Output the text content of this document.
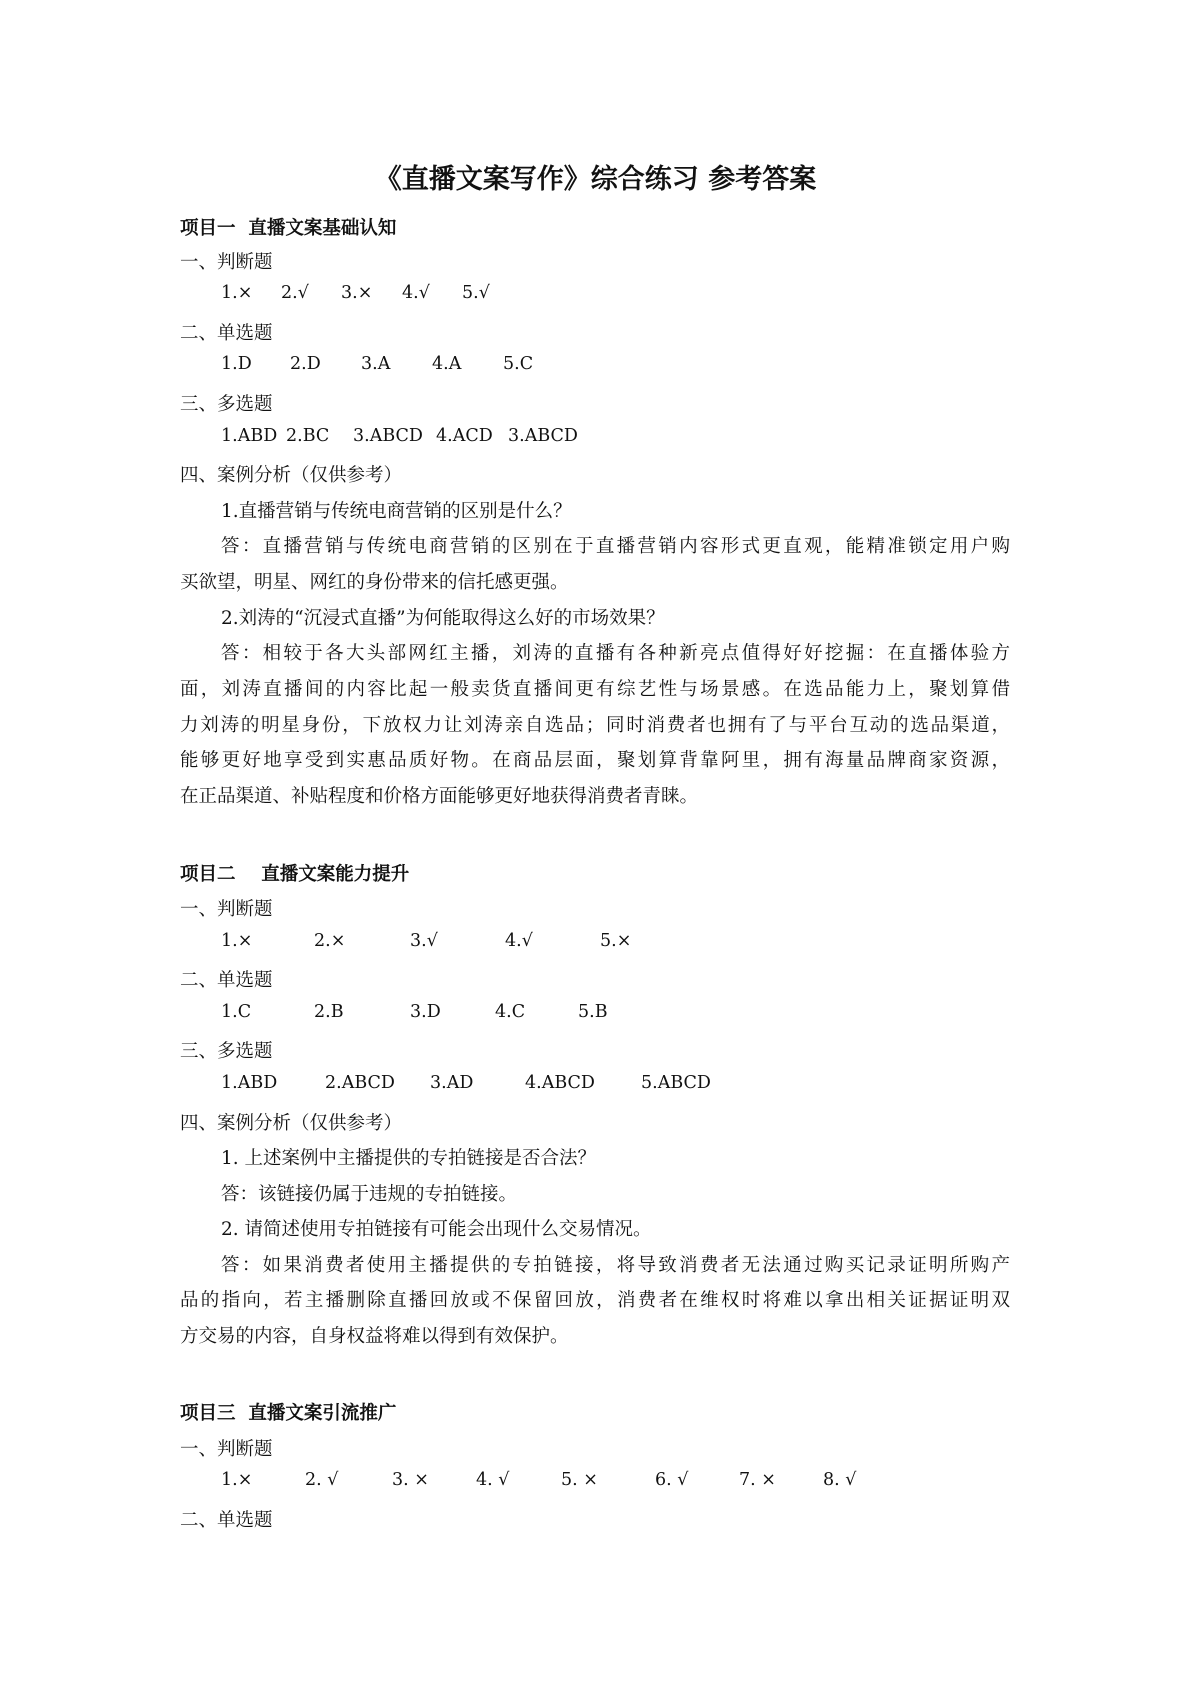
《直播文案写作》综合练习 参考答案
项目一  直播文案基础认知
一、判断题
1.× 2.√ 3.× 4.√ 5.√
二、单选题
1.D 2.D 3.A 4.A 5.C
三、多选题
1.ABD 2.BC 3.ABCD 4.ACD 3.ABCD
四、案例分析（仅供参考）
1.直播营销与传统电商营销的区别是什么？
答：直播营销与传统电商营销的区别在于直播营销内容形式更直观，能精准锁定用户购
买欲望，明星、网红的身份带来的信托感更强。
2.刘涛的“沉浸式直播”为何能取得这么好的市场效果？
答：相较于各大头部网红主播，刘涛的直播有各种新亮点值得好好挖掘：在直播体验方
面，刘涛直播间的内容比起一般卖货直播间更有综艺性与场景感。在选品能力上，聚划算借
力刘涛的明星身份，下放权力让刘涛亲自选品；同时消费者也拥有了与平台互动的选品渠道，
能够更好地享受到实惠品质好物。在商品层面，聚划算背靠阿里，拥有海量品牌商家资源，
在正品渠道、补贴程度和价格方面能够更好地获得消费者青睐。
项目二    直播文案能力提升
一、判断题
1.×	2.×	3.√	4.√	5.×
二、单选题
1.C	2.B	3.D	4.C	5.B
三、多选题
1.ABD	2.ABCD 3.AD	4.ABCD	5.ABCD
四、案例分析（仅供参考）
1. 上述案例中主播提供的专拍链接是否合法？
答：该链接仍属于违规的专拍链接。
2. 请简述使用专拍链接有可能会出现什么交易情况。
答：如果消费者使用主播提供的专拍链接，将导致消费者无法通过购买记录证明所购产
品的指向，若主播删除直播回放或不保留回放，消费者在维权时将难以拿出相关证据证明双
方交易的内容，自身权益将难以得到有效保护。
项目三  直播文案引流推广
一、判断题
1.×	2. √	3. ×	4. √	5. ×	6. √	7. ×	8. √
二、单选题
